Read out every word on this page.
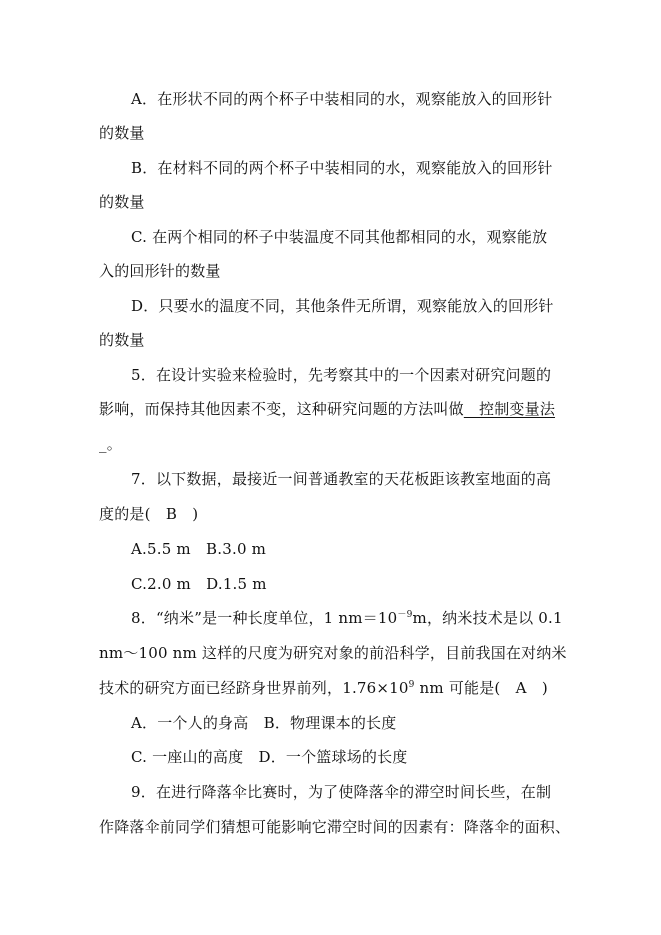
A．在形状不同的两个杯子中装相同的水，观察能放入的回形针
的数量
B．在材料不同的两个杯子中装相同的水，观察能放入的回形针
的数量
C. 在两个相同的杯子中装温度不同其他都相同的水，观察能放
入的回形针的数量
D．只要水的温度不同，其他条件无所谓，观察能放入的回形针
的数量
5．在设计实验来检验时，先考察其中的一个因素对研究问题的
影响，而保持其他因素不变，这种研究问题的方法叫做　控制变量法
_。
7．以下数据，最接近一间普通教室的天花板距该教室地面的高
度的是(　B　)
A.5.5 m　B.3.0 m
C.2.0 m　D.1.5 m
8．“纳米”是一种长度单位，1 $nm=10^{-9}m$，纳米技术是以 0.1
nm～100 nm 这样的尺度为研究对象的前沿科学，目前我国在对纳米
技术的研究方面已经跻身世界前列，$1.76\times 10^9$ nm 可能是(　A　)
A．一个人的身高　B．物理课本的长度
C. 一座山的高度　D．一个篮球场的长度
9．在进行降落伞比赛时，为了使降落伞的滞空时间长些，在制
作降落伞前同学们猜想可能影响它滞空时间的因素有：降落伞的面积、
